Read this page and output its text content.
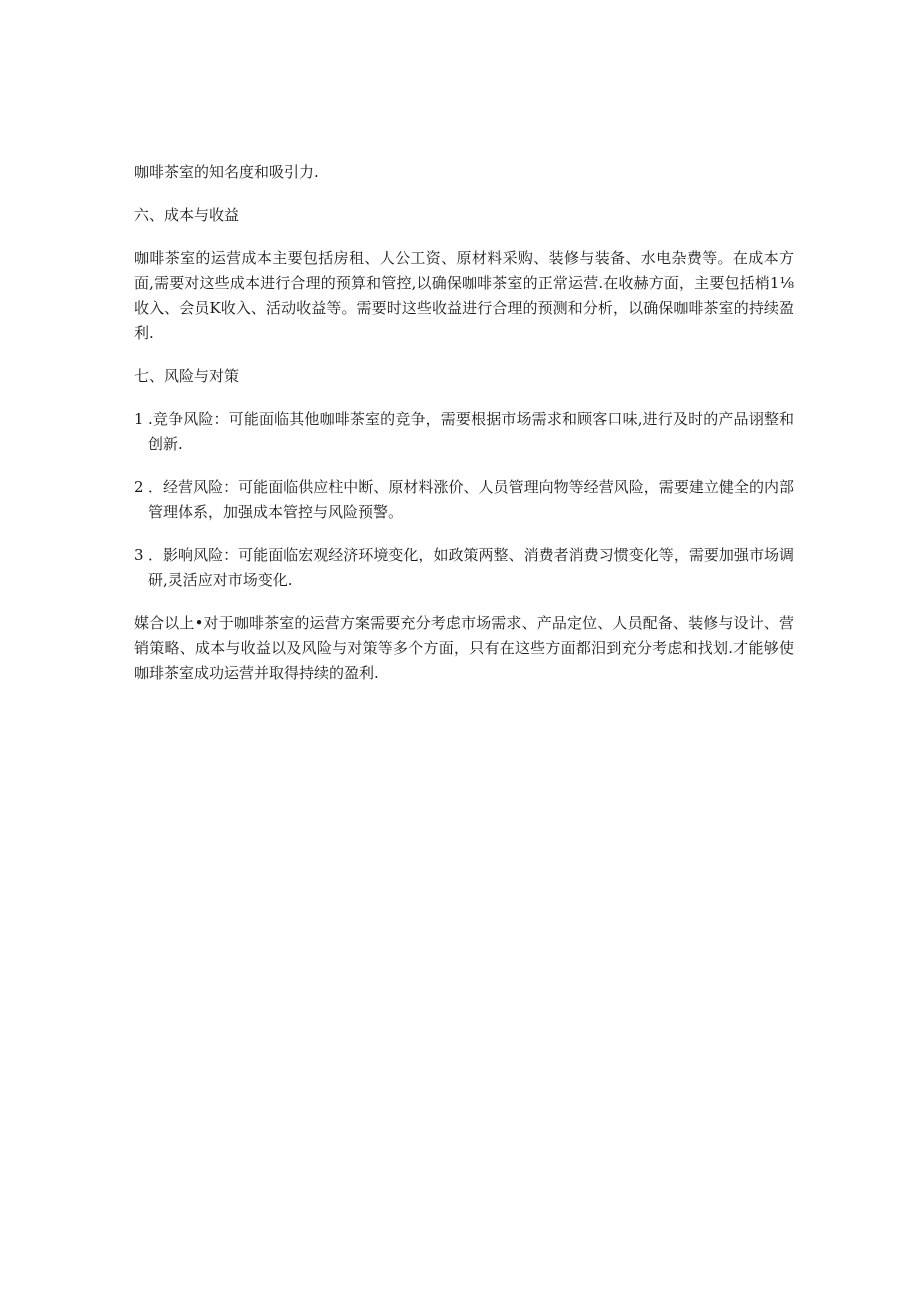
咖啡茶室的知名度和吸引力.

六、成本与收益

咖啡茶室的运营成本主要包括房租、人公工资、原材料采购、装修与装备、水电杂费等。在成本方面,需要对这些成本进行合理的预算和管控,以确保咖啡茶室的正常运营.在收赫方面，主要包括梢1⅛收入、会员K收入、活动收益等。需要时这些收益进行合理的预测和分析，以确保咖啡茶室的持续盈利.

七、风险与对策

1 .竞争风险：可能面临其他咖啡茶室的竞争，需要根据市场需求和顾客口味,进行及时的产品诩整和创新.
2 ．经营风险：可能面临供应柱中断、原材料涨价、人员管理向物等经营风险，需要建立健全的内部管理体系，加强成本管控与风险预警。
3 ．影响风险：可能面临宏观经济环境变化，如政策两整、消费者消费习惯变化等，需要加强市场调研,灵活应对市场变化.

媒合以上•对于咖啡茶室的运营方案需要充分考虑市场需求、产品定位、人员配备、装修与设计、营销策略、成本与收益以及风险与对策等多个方面，只有在这些方面都汨到充分考虑和找划.才能够使咖琲茶室成功运营并取得持续的盈利.
